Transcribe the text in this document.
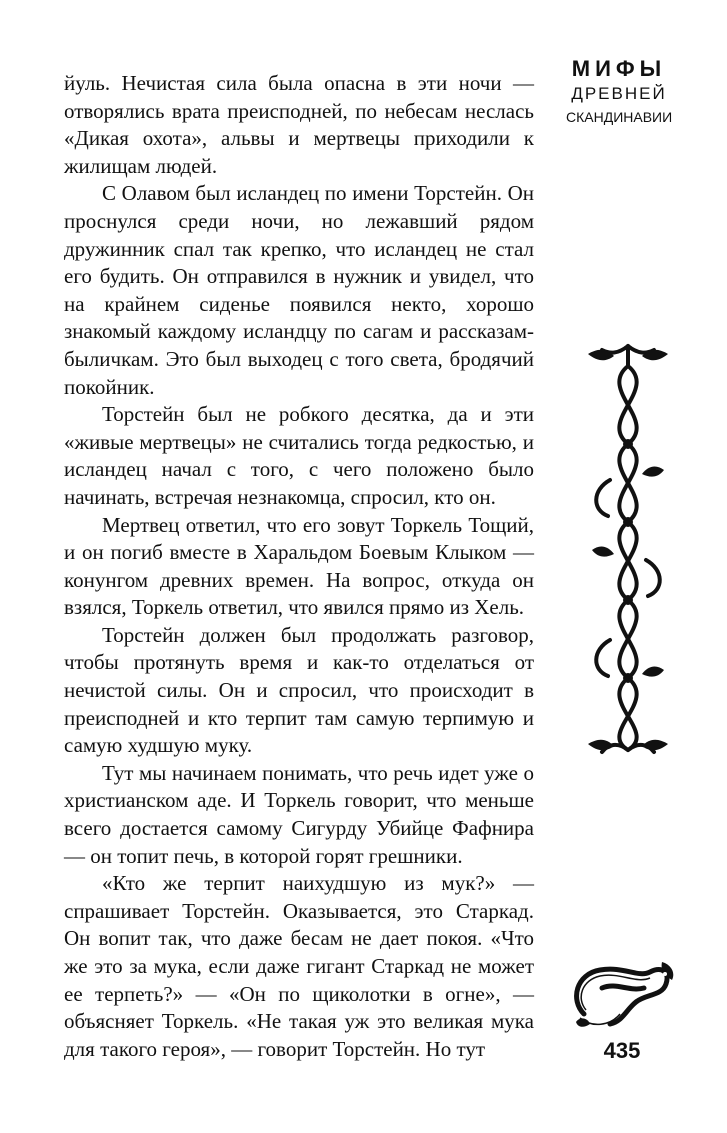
йуль. Нечистая сила была опасна в эти ночи — отворялись врата преисподней, по небесам неслась «Дикая охота», альвы и мертвецы приходили к жилищам людей.

С Олавом был исландец по имени Торстейн. Он проснулся среди ночи, но лежавший рядом дружинник спал так крепко, что исландец не стал его будить. Он отправился в нужник и увидел, что на крайнем сиденье появился некто, хорошо знакомый каждому исландцу по сагам и рассказам-быличкам. Это был выходец с того света, бродячий покойник.

Торстейн был не робкого десятка, да и эти «живые мертвецы» не считались тогда редкостью, и исландец начал с того, с чего положено было начинать, встречая незнакомца, спросил, кто он.

Мертвец ответил, что его зовут Торкель Тощий, и он погиб вместе в Харальдом Боевым Клыком — конунгом древних времен. На вопрос, откуда он взялся, Торкель ответил, что явился прямо из Хель.

Торстейн должен был продолжать разговор, чтобы протянуть время и как-то отделаться от нечистой силы. Он и спросил, что происходит в преисподней и кто терпит там самую терпимую и самую худшую муку.

Тут мы начинаем понимать, что речь идет уже о христианском аде. И Торкель говорит, что меньше всего достается самому Сигурду Убийце Фафнира — он топит печь, в которой горят грешники.

«Кто же терпит наихудшую из мук?» — спрашивает Торстейн. Оказывается, это Старкад. Он вопит так, что даже бесам не дает покоя. «Что же это за мука, если даже гигант Старкад не может ее терпеть?» — «Он по щиколотки в огне», — объясняет Торкель. «Не такая уж это великая мука для такого героя», — говорит Торстейн. Но тут

МИФЫ
ДРЕВНЕЙ
СКАНДИНАВИИ
435
